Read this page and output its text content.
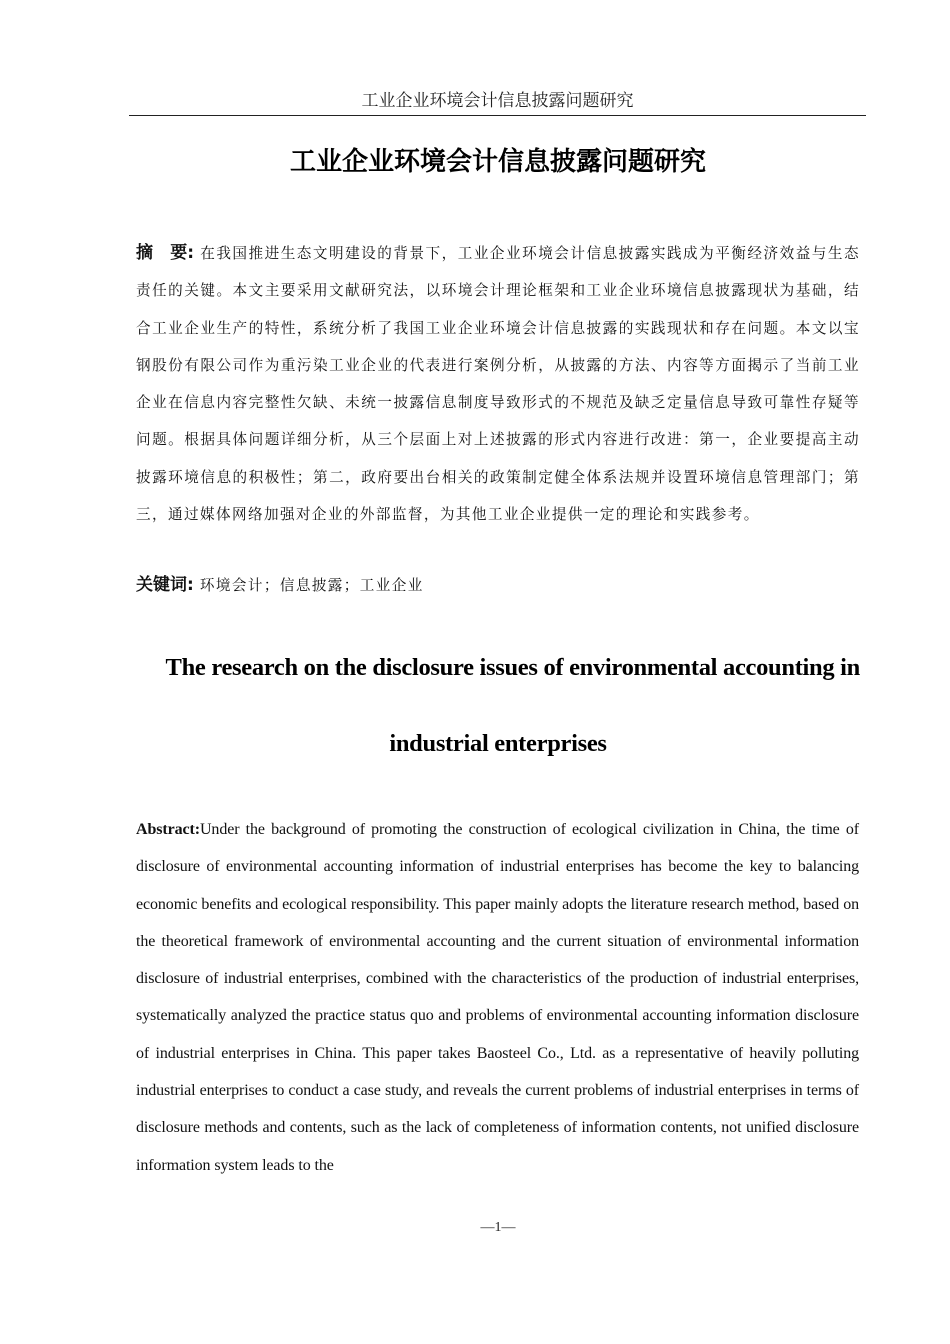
工业企业环境会计信息披露问题研究
工业企业环境会计信息披露问题研究
摘　要: 在我国推进生态文明建设的背景下，工业企业环境会计信息披露实践成为平衡经济效益与生态责任的关键。本文主要采用文献研究法，以环境会计理论框架和工业企业环境信息披露现状为基础，结合工业企业生产的特性，系统分析了我国工业企业环境会计信息披露的实践现状和存在问题。本文以宝钢股份有限公司作为重污染工业企业的代表进行案例分析，从披露的方法、内容等方面揭示了当前工业企业在信息内容完整性欠缺、未统一披露信息制度导致形式的不规范及缺乏定量信息导致可靠性存疑等问题。根据具体问题详细分析，从三个层面上对上述披露的形式内容进行改进：第一，企业要提高主动披露环境信息的积极性；第二，政府要出台相关的政策制定健全体系法规并设置环境信息管理部门；第三，通过媒体网络加强对企业的外部监督，为其他工业企业提供一定的理论和实践参考。
关键词: 环境会计；信息披露；工业企业
The research on the disclosure issues of environmental accounting in
industrial enterprises
Abstract:Under the background of promoting the construction of ecological civilization in China, the time of disclosure of environmental accounting information of industrial enterprises has become the key to balancing economic benefits and ecological responsibility. This paper mainly adopts the literature research method, based on the theoretical framework of environmental accounting and the current situation of environmental information disclosure of industrial enterprises, combined with the characteristics of the production of industrial enterprises, systematically analyzed the practice status quo and problems of environmental accounting information disclosure of industrial enterprises in China. This paper takes Baosteel Co., Ltd. as a representative of heavily polluting industrial enterprises to conduct a case study, and reveals the current problems of industrial enterprises in terms of disclosure methods and contents, such as the lack of completeness of information contents, not unified disclosure information system leads to the
—1—
